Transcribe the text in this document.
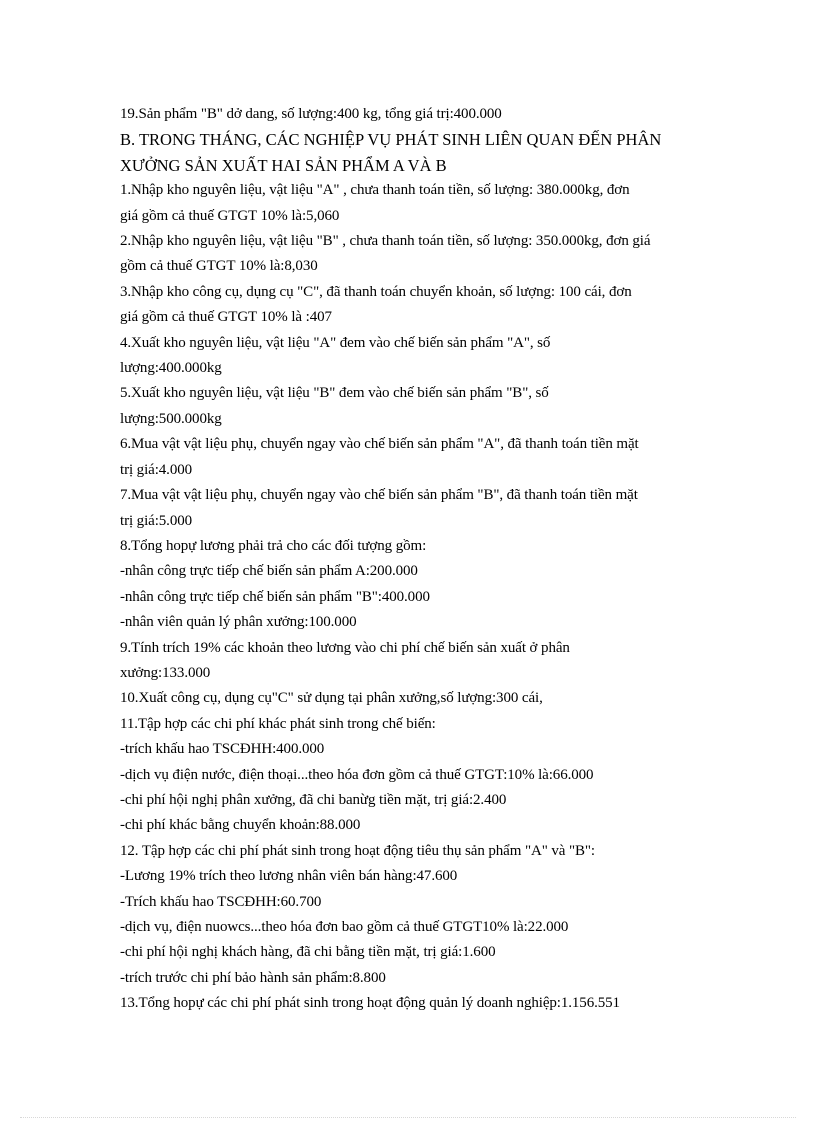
19.Sản phẩm "B" dở dang, số lượng:400 kg, tổng giá trị:400.000
B. TRONG THÁNG, CÁC NGHIỆP VỤ PHÁT SINH LIÊN QUAN ĐẾN PHÂN
XƯỞNG SẢN XUẤT HAI SẢN PHẨM A VÀ B
1.Nhập kho nguyên liệu, vật liệu "A" , chưa thanh toán tiền, số lượng: 380.000kg, đơn
giá gồm cả thuế GTGT 10% là:5,060
2.Nhập kho nguyên liệu, vật liệu "B" , chưa thanh toán tiền, số lượng: 350.000kg, đơn giá
gồm cả thuế GTGT 10% là:8,030
3.Nhập kho công cụ, dụng cụ "C", đã thanh toán chuyển khoản, số lượng: 100 cái, đơn
giá gồm cả thuế GTGT 10% là :407
4.Xuất kho nguyên liệu, vật liệu "A" đem vào chế biến sản phẩm "A", số
lượng:400.000kg
5.Xuất kho nguyên liệu, vật liệu "B" đem vào chế biến sản phẩm "B", số
lượng:500.000kg
6.Mua vật vật liệu phụ, chuyển ngay vào chế biến sản phẩm "A", đã thanh toán tiền mặt
trị giá:4.000
7.Mua vật vật liệu phụ, chuyển ngay vào chế biến sản phẩm "B", đã thanh toán tiền mặt
trị giá:5.000
8.Tổng hopự lương phải trả cho các đối tượng gồm:
-nhân công trực tiếp chế biến sản phẩm A:200.000
-nhân công trực tiếp chế biến sản phẩm "B":400.000
-nhân viên quản lý phân xưởng:100.000
9.Tính trích 19% các khoản theo lương vào chi phí chế biến sản xuất ở phân
xưởng:133.000
10.Xuất công cụ, dụng cụ"C" sử dụng tại phân xưởng,số lượng:300 cái,
11.Tập hợp các chi phí khác phát sinh trong chế biến:
-trích khấu hao TSCĐHH:400.000
-dịch vụ điện nước, điện thoại...theo hóa đơn gồm cả thuế GTGT:10% là:66.000
-chi phí hội nghị phân xưởng, đã chi banừg tiền mặt, trị giá:2.400
-chi phí khác bằng chuyển khoản:88.000
12. Tập hợp các chi phí phát sinh trong hoạt động tiêu thụ sản phẩm "A" và "B":
-Lương 19% trích theo lương nhân viên bán hàng:47.600
-Trích khấu hao TSCĐHH:60.700
-dịch vụ, điện nuowcs...theo hóa đơn bao gồm cả thuế GTGT10% là:22.000
-chi phí hội nghị khách hàng, đã chi bằng tiền mặt, trị giá:1.600
-trích trước chi phí bảo hành sản phẩm:8.800
13.Tổng hopự các chi phí phát sinh trong hoạt động quản lý doanh nghiệp:1.156.551
